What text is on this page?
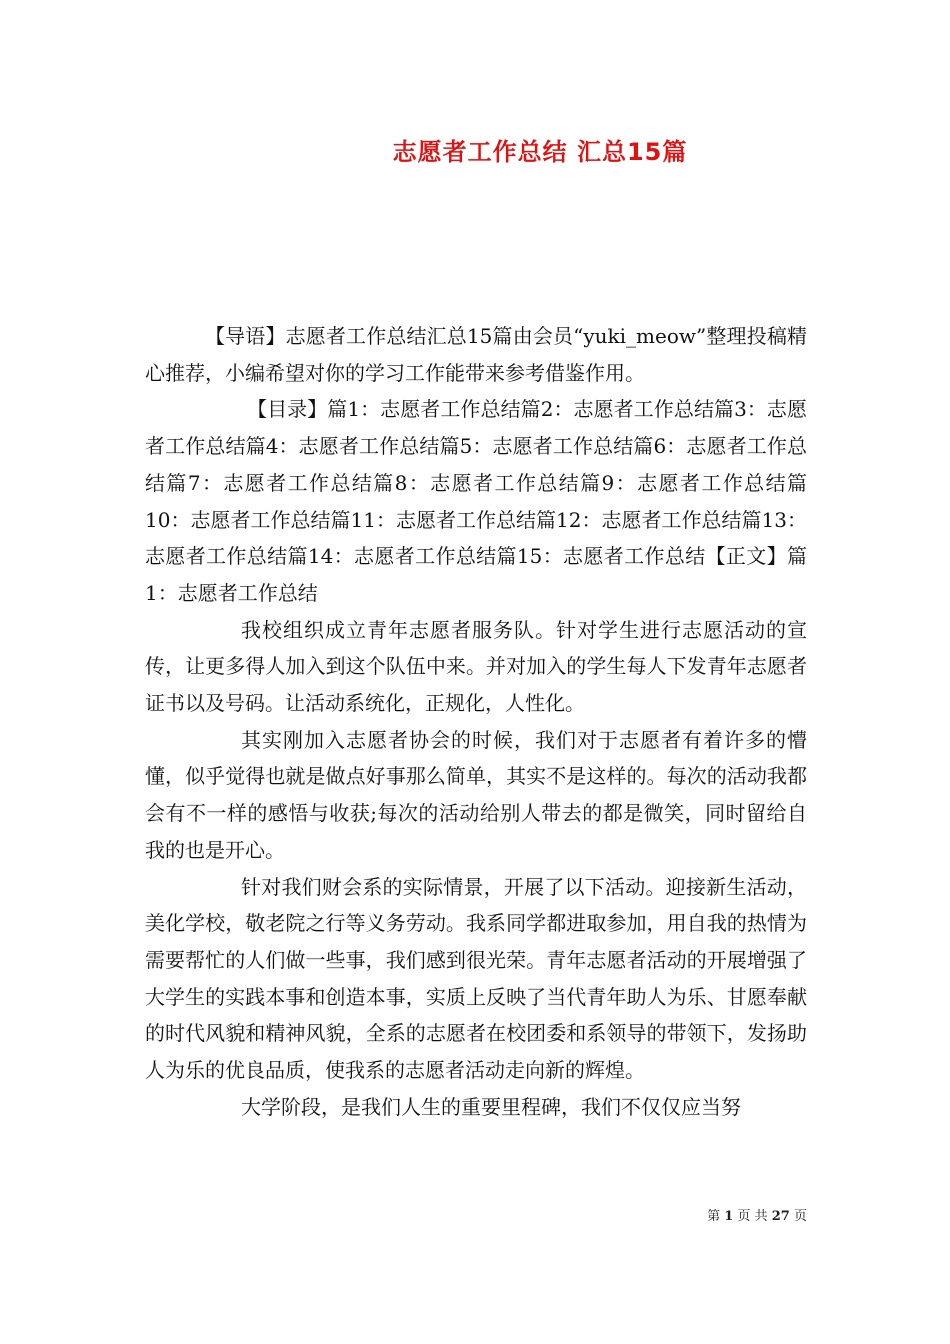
志愿者工作总结 汇总15篇

【导语】志愿者工作总结汇总15篇由会员“yuki_meow”整理投稿精心推荐，小编希望对你的学习工作能带来参考借鉴作用。

【目录】篇1：志愿者工作总结篇2：志愿者工作总结篇3：志愿者工作总结篇4：志愿者工作总结篇5：志愿者工作总结篇6：志愿者工作总结篇7：志愿者工作总结篇8：志愿者工作总结篇9：志愿者工作总结篇10：志愿者工作总结篇11：志愿者工作总结篇12：志愿者工作总结篇13：志愿者工作总结篇14：志愿者工作总结篇15：志愿者工作总结【正文】篇1：志愿者工作总结

我校组织成立青年志愿者服务队。针对学生进行志愿活动的宣传，让更多得人加入到这个队伍中来。并对加入的学生每人下发青年志愿者证书以及号码。让活动系统化，正规化，人性化。

其实刚加入志愿者协会的时候，我们对于志愿者有着许多的懵懂，似乎觉得也就是做点好事那么简单，其实不是这样的。每次的活动我都会有不一样的感悟与收获;每次的活动给别人带去的都是微笑，同时留给自我的也是开心。

针对我们财会系的实际情景，开展了以下活动。迎接新生活动，美化学校，敬老院之行等义务劳动。我系同学都进取参加，用自我的热情为需要帮忙的人们做一些事，我们感到很光荣。青年志愿者活动的开展增强了大学生的实践本事和创造本事，实质上反映了当代青年助人为乐、甘愿奉献的时代风貌和精神风貌，全系的志愿者在校团委和系领导的带领下，发扬助人为乐的优良品质，使我系的志愿者活动走向新的辉煌。

大学阶段，是我们人生的重要里程碑，我们不仅仅应当努

第 1 页 共 27 页
